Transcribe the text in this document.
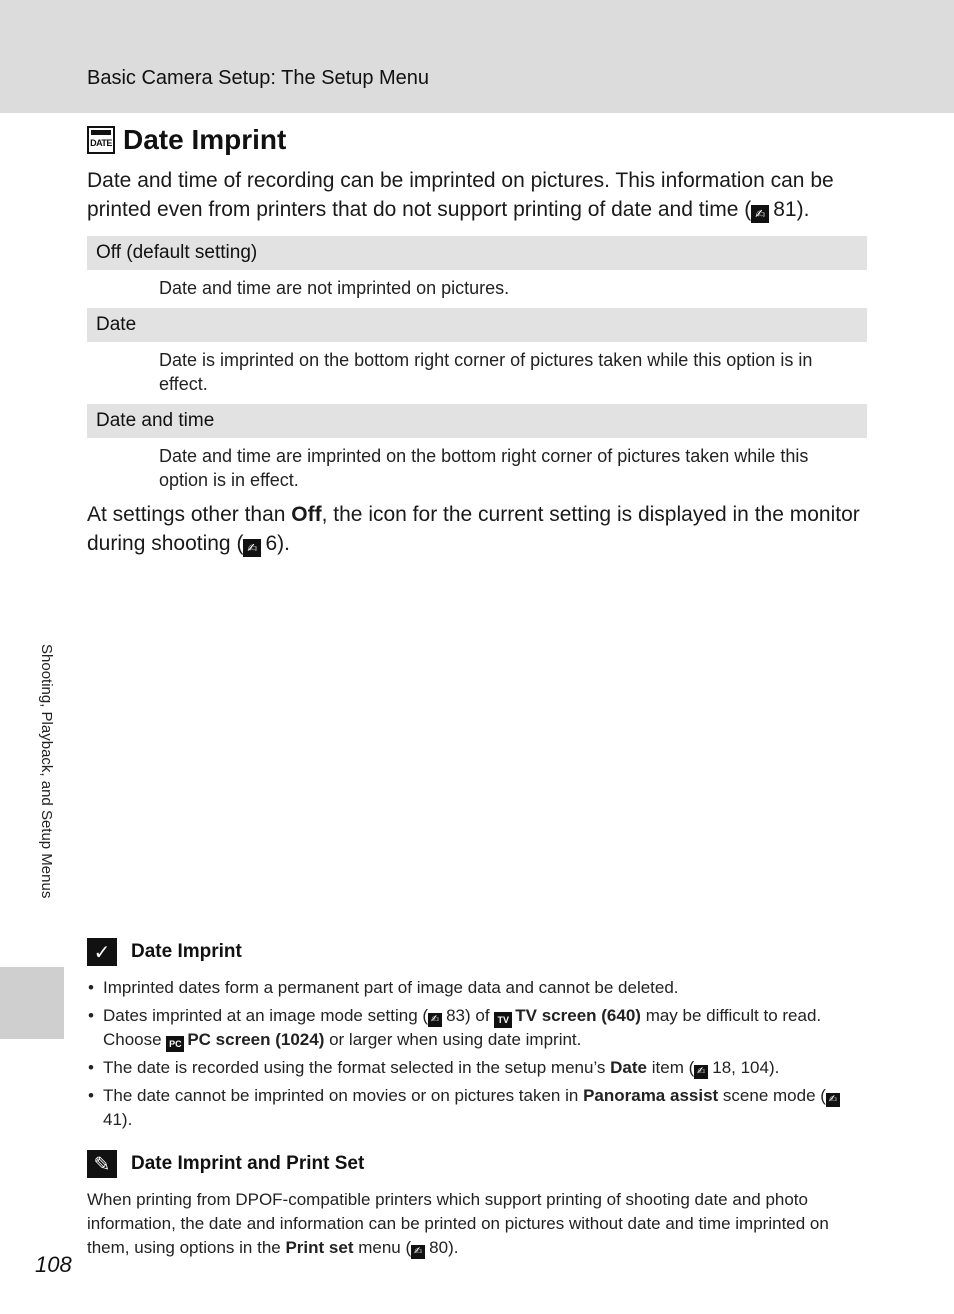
Basic Camera Setup: The Setup Menu
Shooting, Playback, and Setup Menus
DATE Date Imprint
Date and time of recording can be imprinted on pictures. This information can be printed even from printers that do not support printing of date and time ( ✍ 81).
Off (default setting)
Date and time are not imprinted on pictures.
Date
Date is imprinted on the bottom right corner of pictures taken while this option is in effect.
Date and time
Date and time are imprinted on the bottom right corner of pictures taken while this option is in effect.
At settings other than Off, the icon for the current setting is displayed in the monitor during shooting ( ✍ 6).
✓	Date Imprint
• Imprinted dates form a permanent part of image data and cannot be deleted.
• Dates imprinted at an image mode setting ( ✍ 83) of TV TV screen (640) may be difficult to read. Choose PC PC screen (1024) or larger when using date imprint.
• The date is recorded using the format selected in the setup menu’s Date item ( ✍ 18, 104).
• The date cannot be imprinted on movies or on pictures taken in Panorama assist scene mode ( ✍41).
✎	Date Imprint and Print Set
When printing from DPOF-compatible printers which support printing of shooting date and photo information, the date and information can be printed on pictures without date and time imprinted on them, using options in the Print set menu ( ✍ 80).
108
